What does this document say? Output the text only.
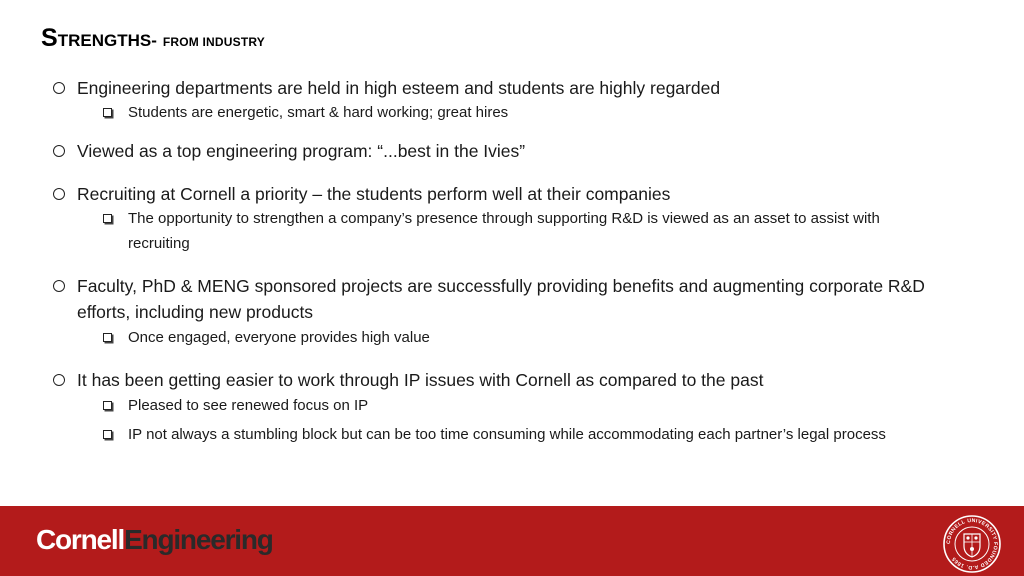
STRENGTHS- FROM INDUSTRY
Engineering departments are held in high esteem and students are highly regarded
Students are energetic, smart & hard working; great hires
Viewed as a top engineering program: “...best in the Ivies”
Recruiting at Cornell a priority – the students perform well at their companies
The opportunity to strengthen a company’s presence through supporting R&D is viewed as an asset to assist with recruiting
Faculty, PhD & MENG sponsored projects are successfully providing benefits and augmenting corporate R&D efforts, including new products
Once engaged, everyone provides high value
It has been getting easier to work through IP issues with Cornell as compared to the past
Pleased to see renewed focus on IP
IP not always a stumbling block but can be too time consuming while accommodating each partner’s legal process
CornellEngineering	CORNELL UNIVERSITY FOUNDED A.D. 1865
